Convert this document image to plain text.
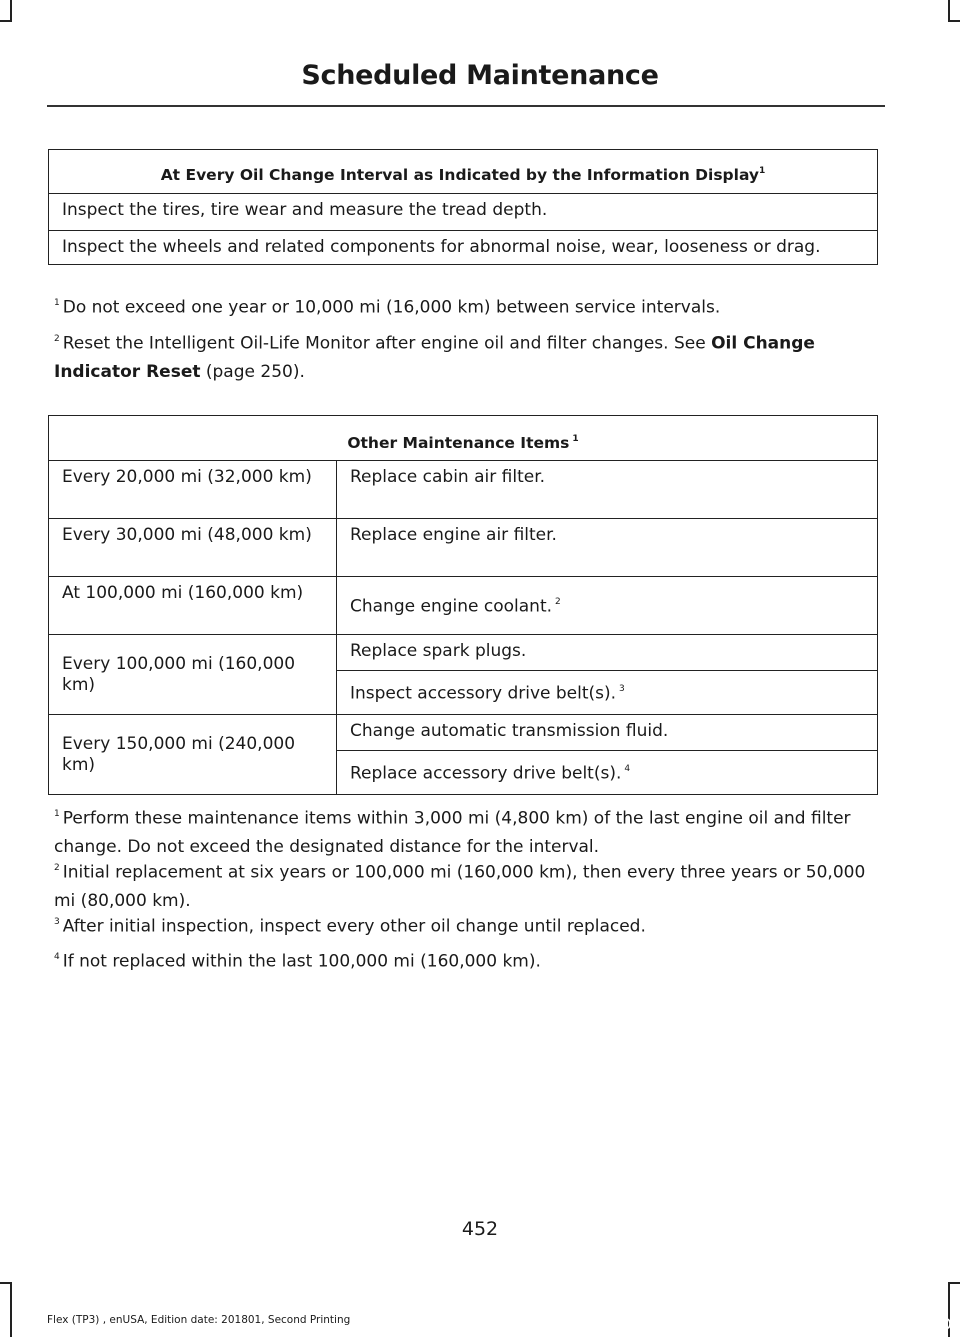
Scheduled Maintenance
At Every Oil Change Interval as Indicated by the Information Display$^1$
Inspect the tires, tire wear and measure the tread depth.
Inspect the wheels and related components for abnormal noise, wear, looseness or drag.
$^1$ Do not exceed one year or 10,000 mi (16,000 km) between service intervals.
$^2$ Reset the Intelligent Oil-Life Monitor after engine oil and filter changes. See Oil Change Indicator Reset (page 250).
Other Maintenance Items $^1$
Every 20,000 mi (32,000 km)	Replace cabin air filter.
Every 30,000 mi (48,000 km)	Replace engine air filter.
At 100,000 mi (160,000 km)	Change engine coolant. $^2$
Every 100,000 mi (160,000 km)	Replace spark plugs.
	Inspect accessory drive belt(s). $^3$
Every 150,000 mi (240,000 km)	Change automatic transmission fluid.
	Replace accessory drive belt(s). $^4$
$^1$ Perform these maintenance items within 3,000 mi (4,800 km) of the last engine oil and filter change. Do not exceed the designated distance for the interval.
$^2$ Initial replacement at six years or 100,000 mi (160,000 km), then every three years or 50,000 mi (80,000 km).
$^3$ After initial inspection, inspect every other oil change until replaced.
$^4$ If not replaced within the last 100,000 mi (160,000 km).
452
Flex (TP3) , enUSA, Edition date: 201801, Second Printing	carmanualsonline.info
